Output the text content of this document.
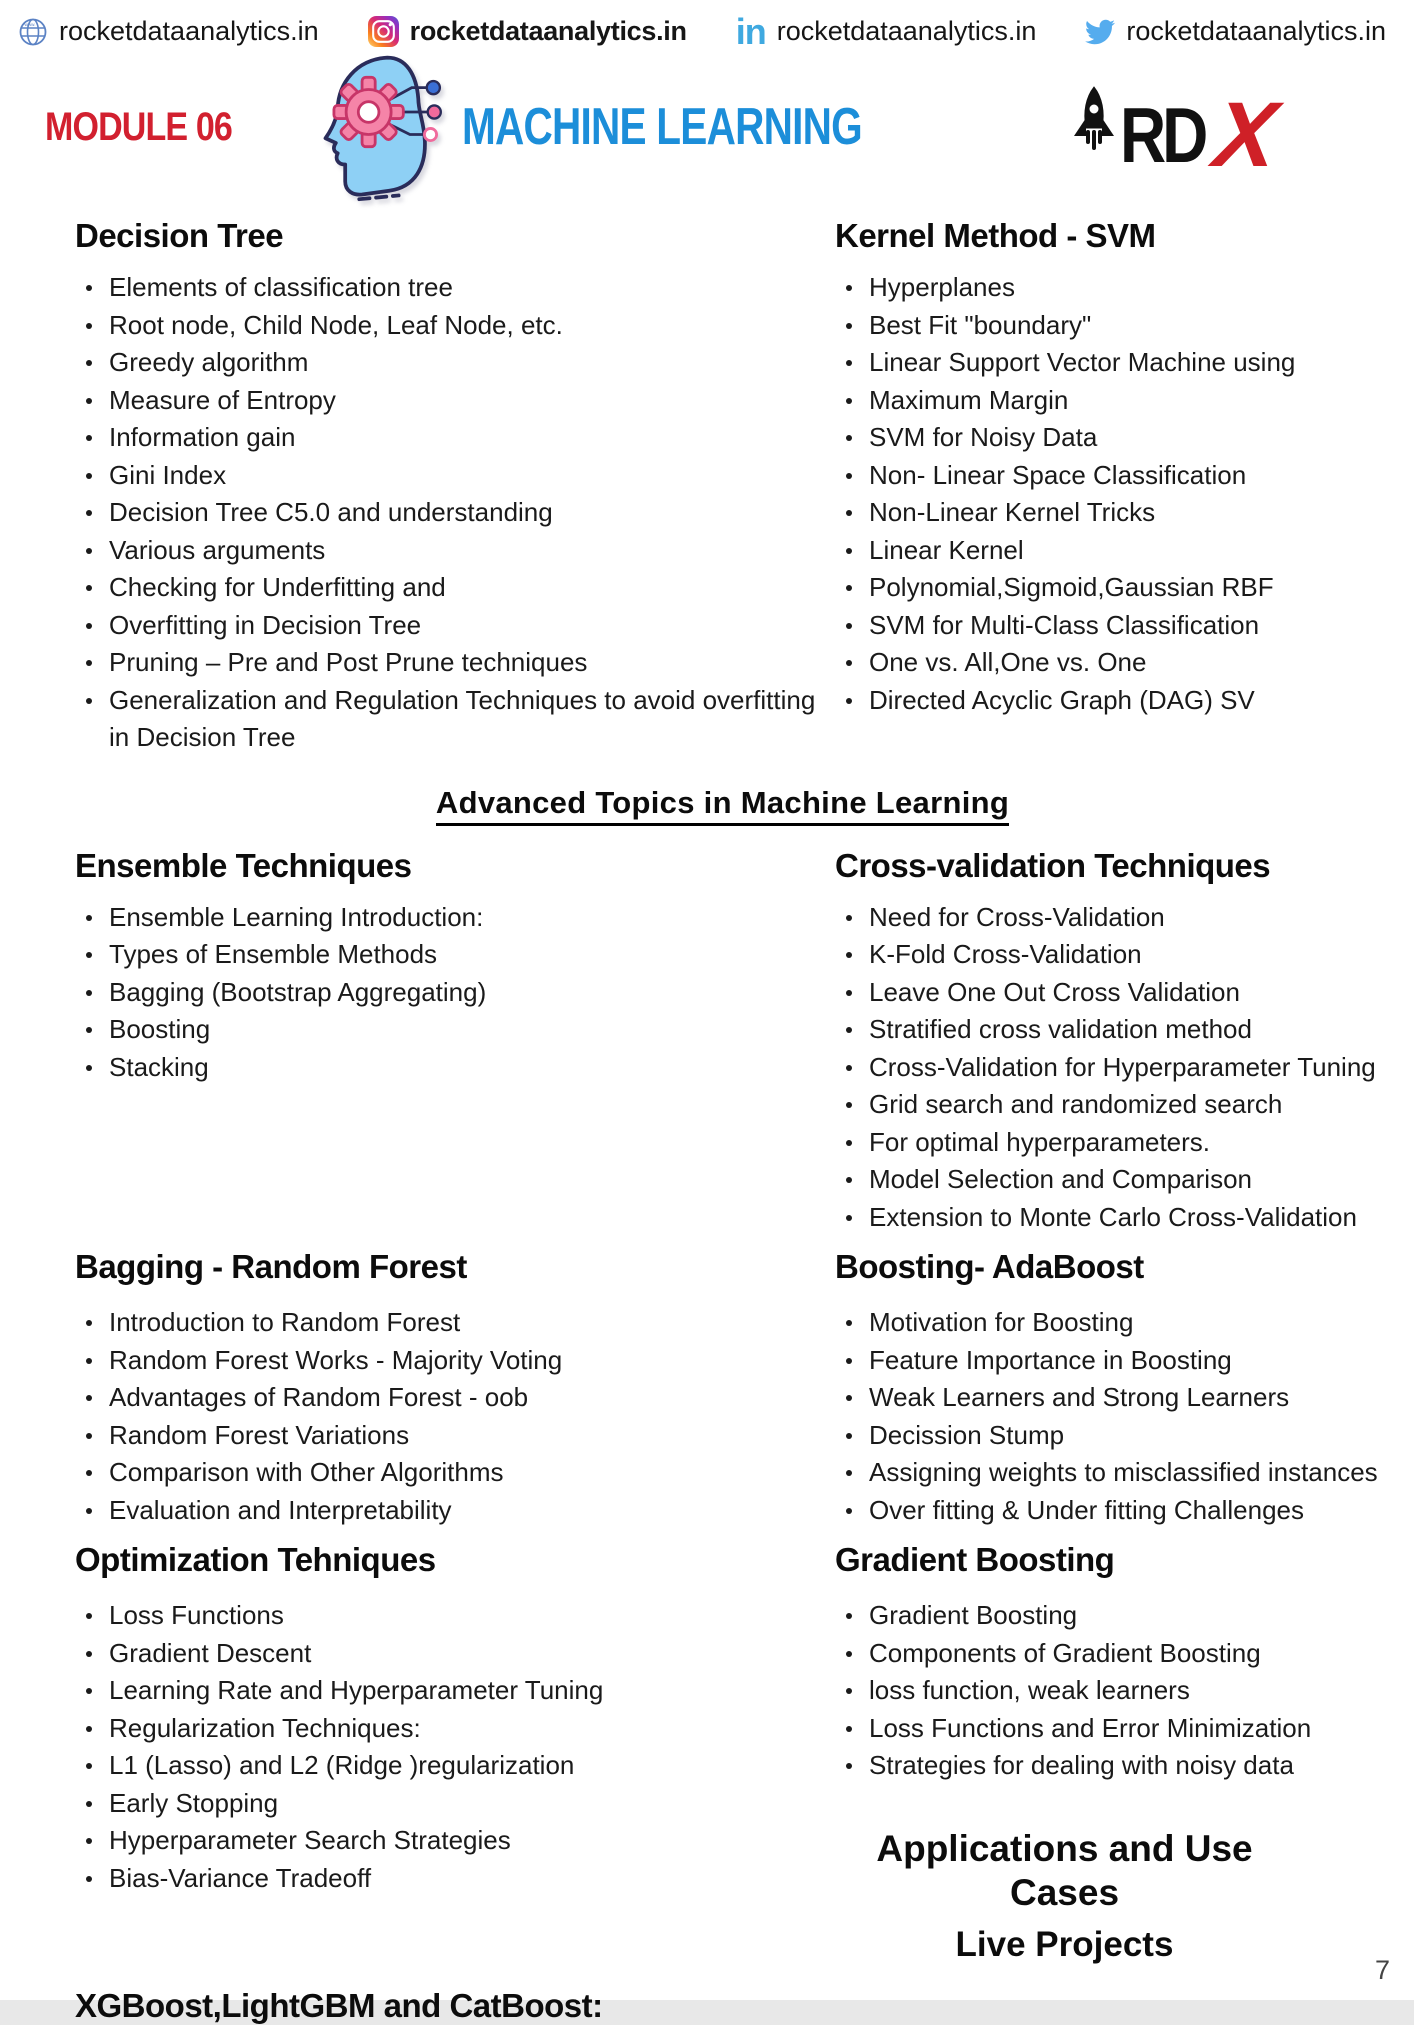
www. rocketdataanalytics.in	rocketdataanalytics.in in rocketdataanalytics.in	rocketdataanalytics.in
MODULE 06	MACHINE LEARNING	RD X
Decision Tree
Elements of classification tree
Root node, Child Node, Leaf Node, etc.
Greedy algorithm
Measure of Entropy
Information gain
Gini Index
Decision Tree C5.0 and understanding
Various arguments
Checking for Underfitting and
Overfitting in Decision Tree
Pruning – Pre and Post Prune techniques
Generalization and Regulation Techniques to avoid overfitting in Decision Tree
Kernel Method - SVM
Hyperplanes
Best Fit "boundary"
Linear Support Vector Machine using
Maximum Margin
SVM for Noisy Data
Non- Linear Space Classification
Non-Linear Kernel Tricks
Linear Kernel
Polynomial,Sigmoid,Gaussian RBF
SVM for Multi-Class Classification
One vs. All,One vs. One
Directed Acyclic Graph (DAG) SV
Advanced Topics in Machine Learning
Ensemble Techniques
Ensemble Learning Introduction:
Types of Ensemble Methods
Bagging (Bootstrap Aggregating)
Boosting
Stacking
Cross-validation Techniques
Need for Cross-Validation
K-Fold Cross-Validation
Leave One Out Cross Validation
Stratified cross validation method
Cross-Validation for Hyperparameter Tuning
Grid search and randomized search
For optimal hyperparameters.
Model Selection and Comparison
Extension to Monte Carlo Cross-Validation
Bagging - Random Forest
Introduction to Random Forest
Random Forest Works - Majority Voting
Advantages of Random Forest - oob
Random Forest Variations
Comparison with Other Algorithms
Evaluation and Interpretability
Boosting- AdaBoost
Motivation for Boosting
Feature Importance in Boosting
Weak Learners and Strong Learners
Decission Stump
Assigning weights to misclassified instances
Over fitting & Under fitting Challenges
Optimization Tehniques
Loss Functions
Gradient Descent
Learning Rate and Hyperparameter Tuning
Regularization Techniques:
L1 (Lasso) and L2 (Ridge )regularization
Early Stopping
Hyperparameter Search Strategies
Bias-Variance Tradeoff
Gradient Boosting
Gradient Boosting
Components of Gradient Boosting
loss function, weak learners
Loss Functions and Error Minimization
Strategies for dealing with noisy data
Applications and Use Cases
Live Projects
XGBoost,LightGBM and CatBoost:
7
